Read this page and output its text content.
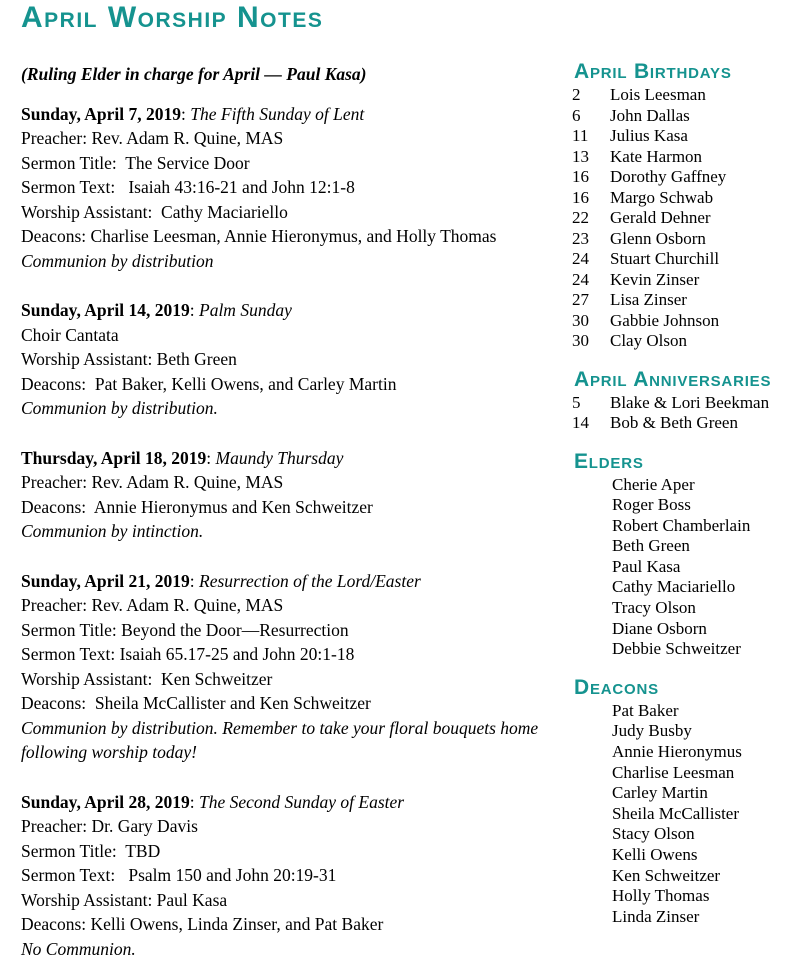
April Worship Notes

(Ruling Elder in charge for April — Paul Kasa)

Sunday, April 7, 2019: The Fifth Sunday of Lent

Preacher: Rev. Adam R. Quine, MAS

Sermon Title:  The Service Door

Sermon Text:   Isaiah 43:16-21 and John 12:1-8

Worship Assistant:  Cathy Maciariello

Deacons: Charlise Leesman, Annie Hieronymus, and Holly Thomas

Communion by distribution

Sunday, April 14, 2019: Palm Sunday

Choir Cantata

Worship Assistant: Beth Green

Deacons:  Pat Baker, Kelli Owens, and Carley Martin

Communion by distribution.

Thursday, April 18, 2019: Maundy Thursday

Preacher: Rev. Adam R. Quine, MAS

Deacons:  Annie Hieronymus and Ken Schweitzer

Communion by intinction.

Sunday, April 21, 2019: Resurrection of the Lord/Easter

Preacher: Rev. Adam R. Quine, MAS

Sermon Title: Beyond the Door—Resurrection

Sermon Text: Isaiah 65.17-25 and John 20:1-18

Worship Assistant:  Ken Schweitzer

Deacons:  Sheila McCallister and Ken Schweitzer

Communion by distribution. Remember to take your floral bouquets home following worship today!

Sunday, April 28, 2019: The Second Sunday of Easter

Preacher: Dr. Gary Davis

Sermon Title:  TBD

Sermon Text:   Psalm 150 and John 20:19-31

Worship Assistant: Paul Kasa

Deacons: Kelli Owens, Linda Zinser, and Pat Baker

No Communion.

April Birthdays

2 Lois Leesman

6 John Dallas

11 Julius Kasa

13 Kate Harmon

16 Dorothy Gaffney

16 Margo Schwab

22 Gerald Dehner

23 Glenn Osborn

24 Stuart Churchill

24 Kevin Zinser

27 Lisa Zinser

30 Gabbie Johnson

30 Clay Olson

April Anniversaries

5 Blake & Lori Beekman

14 Bob & Beth Green

Elders

Cherie Aper

Roger Boss

Robert Chamberlain

Beth Green

Paul Kasa

Cathy Maciariello

Tracy Olson

Diane Osborn

Debbie Schweitzer

Deacons

Pat Baker

Judy Busby

Annie Hieronymus

Charlise Leesman

Carley Martin

Sheila McCallister

Stacy Olson

Kelli Owens

Ken Schweitzer

Holly Thomas

Linda Zinser
